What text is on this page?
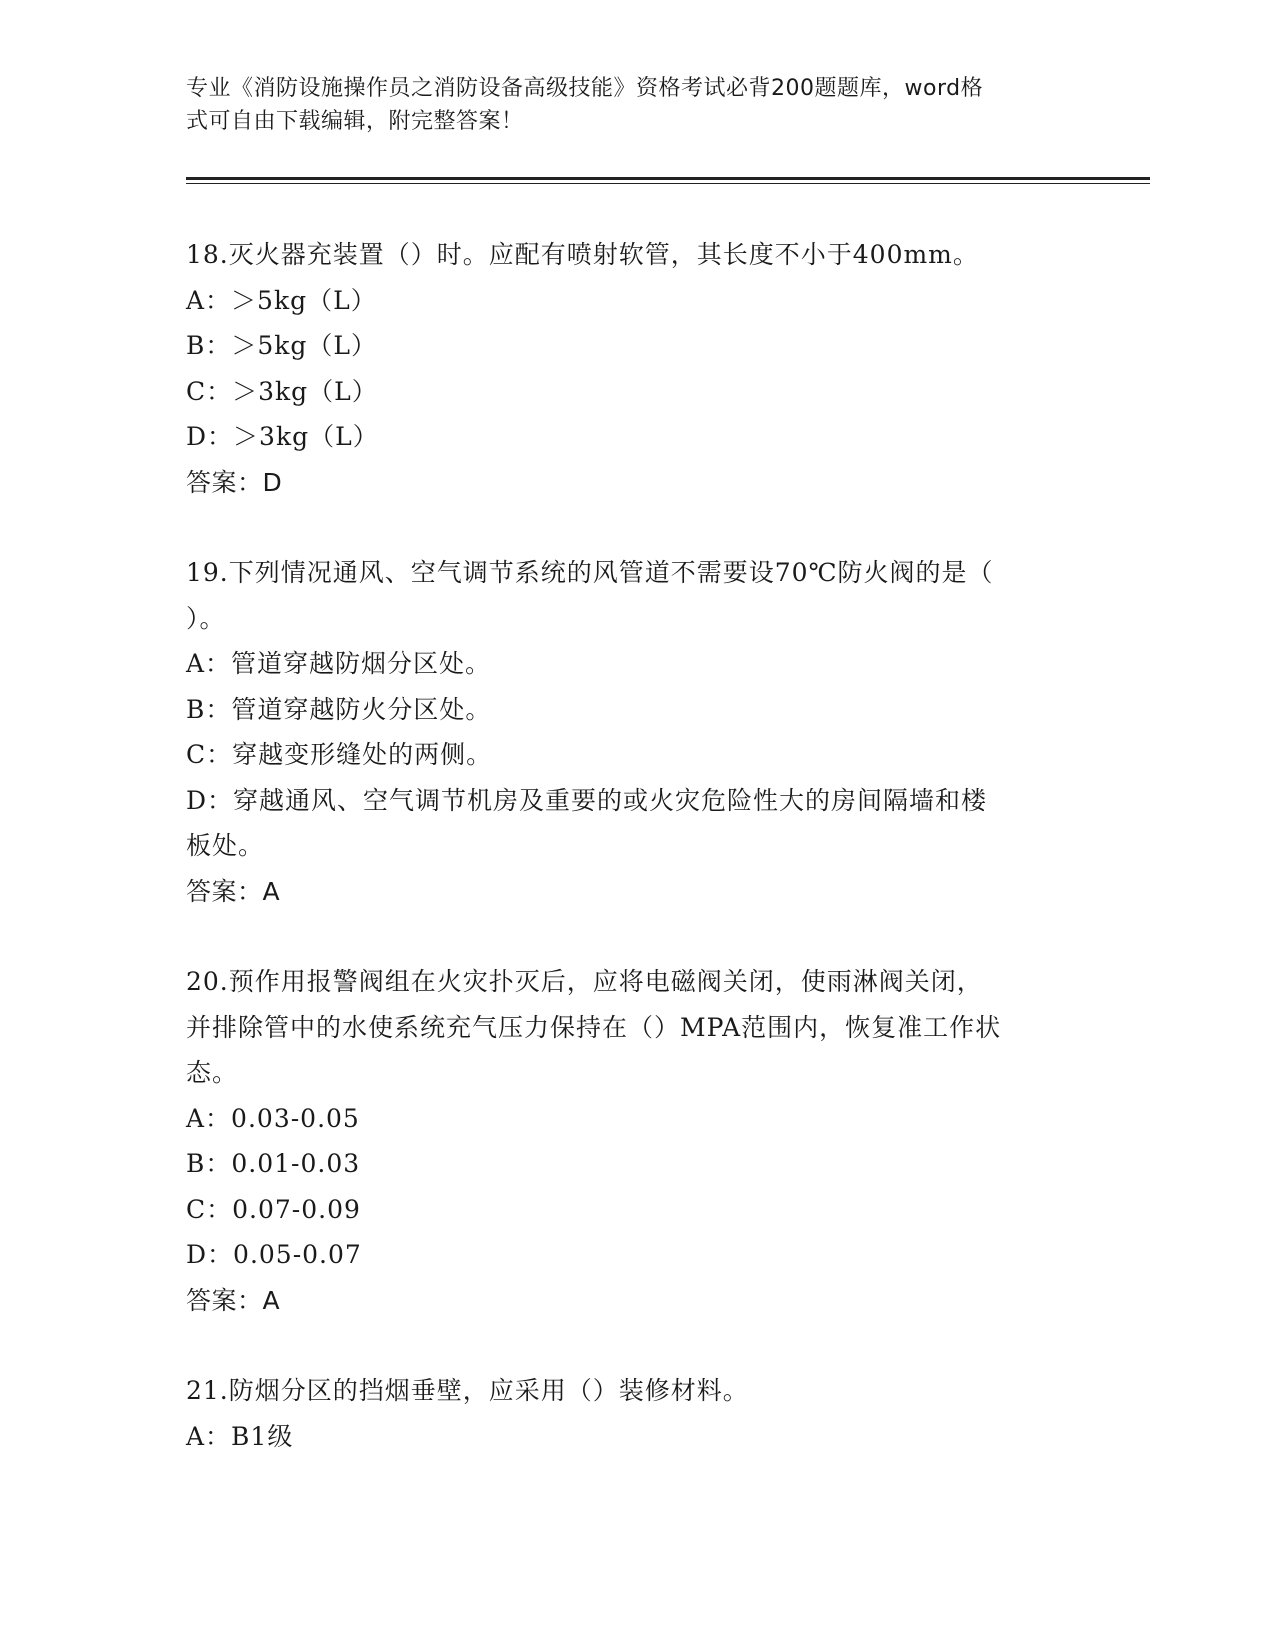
专业《消防设施操作员之消防设备高级技能》资格考试必背200题题库，word格
式可自由下载编辑，附完整答案！

18.灭火器充装置（）时。应配有喷射软管，其长度不小于400mm。

A：＞5kg（L）

B：＞5kg（L）

C：＞3kg（L）

D：＞3kg（L）

答案：D

19.下列情况通风、空气调节系统的风管道不需要设70℃防火阀的是（

）。

A：管道穿越防烟分区处。

B：管道穿越防火分区处。

C：穿越变形缝处的两侧。

D：穿越通风、空气调节机房及重要的或火灾危险性大的房间隔墙和楼

板处。

答案：A

20.预作用报警阀组在火灾扑灭后，应将电磁阀关闭，使雨淋阀关闭，

并排除管中的水使系统充气压力保持在（）MPA范围内，恢复准工作状

态。

A：0.03-0.05

B：0.01-0.03

C：0.07-0.09

D：0.05-0.07

答案：A

21.防烟分区的挡烟垂壁，应采用（）装修材料。

A：B1级
